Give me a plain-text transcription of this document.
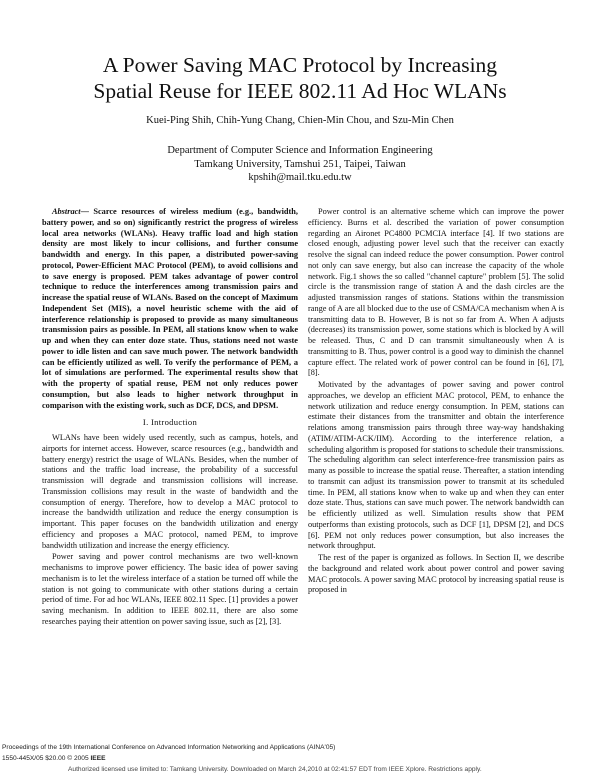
A Power Saving MAC Protocol by Increasing
Spatial Reuse for IEEE 802.11 Ad Hoc WLANs
Kuei-Ping Shih, Chih-Yung Chang, Chien-Min Chou, and Szu-Min Chen
Department of Computer Science and Information Engineering
Tamkang University, Tamshui 251, Taipei, Taiwan
kpshih@mail.tku.edu.tw

Abstract— Scarce resources of wireless medium (e.g., bandwidth, battery power, and so on) significantly restrict the progress of wireless local area networks (WLANs). Heavy traffic load and high station density are most likely to incur collisions, and further consume bandwidth and energy. In this paper, a distributed power-saving protocol, Power-Efficient MAC Protocol (PEM), to avoid collisions and to save energy is proposed. PEM takes advantage of power control technique to reduce the interferences among transmission pairs and increase the spatial reuse of WLANs. Based on the concept of Maximum Independent Set (MIS), a novel heuristic scheme with the aid of interference relationship is proposed to provide as many simultaneous transmission pairs as possible. In PEM, all stations know when to wake up and when they can enter doze state. Thus, stations need not waste power to idle listen and can save much power. The network bandwidth can be efficiently utilized as well. To verify the performance of PEM, a lot of simulations are performed. The experimental results show that with the property of spatial reuse, PEM not only reduces power consumption, but also leads to higher network throughput in comparison with the existing work, such as DCF, DCS, and DPSM.

I. Introduction

WLANs have been widely used recently, such as campus, hotels, and airports for internet access. However, scarce resources (e.g., bandwidth and battery energy) restrict the usage of WLANs. Besides, when the number of stations and the traffic load increase, the probability of a successful transmission will degrade and transmission collisions will increase. Transmission collisions may result in the waste of bandwidth and the consumption of energy. Therefore, how to develop a MAC protocol to increase the bandwidth utilization and reduce the energy consumption is important. This paper focuses on the bandwidth utilization and energy efficiency and proposes a MAC protocol, named PEM, to improve bandwidth utilization and increase the energy efficiency.

Power saving and power control mechanisms are two well-known mechanisms to improve power efficiency. The basic idea of power saving mechanism is to let the wireless interface of a station be turned off while the station is not going to communicate with other stations during a certain period of time. For ad hoc WLANs, IEEE 802.11 Spec. [1] provides a power saving mechanism. In addition to IEEE 802.11, there are also some researches paying their attention on power saving issue, such as [2], [3].

Power control is an alternative scheme which can improve the power efficiency. Burns et al. described the variation of power consumption regarding an Aironet PC4800 PCMCIA interface [4]. If two stations are closed enough, adjusting power level such that the receiver can exactly resolve the signal can indeed reduce the power consumption. Power control not only can save energy, but also can increase the capacity of the whole network. Fig.1 shows the so called "channel capture" problem [5]. The solid circle is the transmission range of station A and the dash circles are the adjusted transmission ranges of stations. Stations within the transmission range of A are all blocked due to the use of CSMA/CA mechanism when A is transmitting data to B. However, B is not so far from A. When A adjusts (decreases) its transmission power, some stations which is blocked by A will be released. Thus, C and D can transmit simultaneously when A is transmitting to B. Thus, power control is a good way to diminish the channel capture effect. The related work of power control can be found in [6], [7], [8].

Motivated by the advantages of power saving and power control approaches, we develop an efficient MAC protocol, PEM, to enhance the network utilization and reduce energy consumption. In PEM, stations can estimate their distances from the transmitter and obtain the interference relations among transmission pairs through three way-way handshaking (ATIM/ATIM-ACK/IIM). According to the interference relation, a scheduling algorithm is proposed for stations to schedule their transmissions. The scheduling algorithm can select interference-free transmission pairs as many as possible to increase the spatial reuse. Thereafter, a station intending to transmit can adjust its transmission power to transmit at its scheduled time. In PEM, all stations know when to wake up and when they can enter doze state. Thus, stations can save much power. The network bandwidth can be efficiently utilized as well. Simulation results show that PEM outperforms than existing protocols, such as DCF [1], DPSM [2], and DCS [6]. PEM not only reduces power consumption, but also increases the network throughput.

The rest of the paper is organized as follows. In Section II, we describe the background and related work about power control and power saving MAC protocols. A power saving MAC protocol by increasing spatial reuse is proposed in

Proceedings of the 19th International Conference on Advanced Information Networking and Applications (AINA'05)
1550-445X/05 $20.00 © 2005 IEEE
Authorized licensed use limited to: Tamkang University. Downloaded on March 24,2010 at 02:41:57 EDT from IEEE Xplore. Restrictions apply.
